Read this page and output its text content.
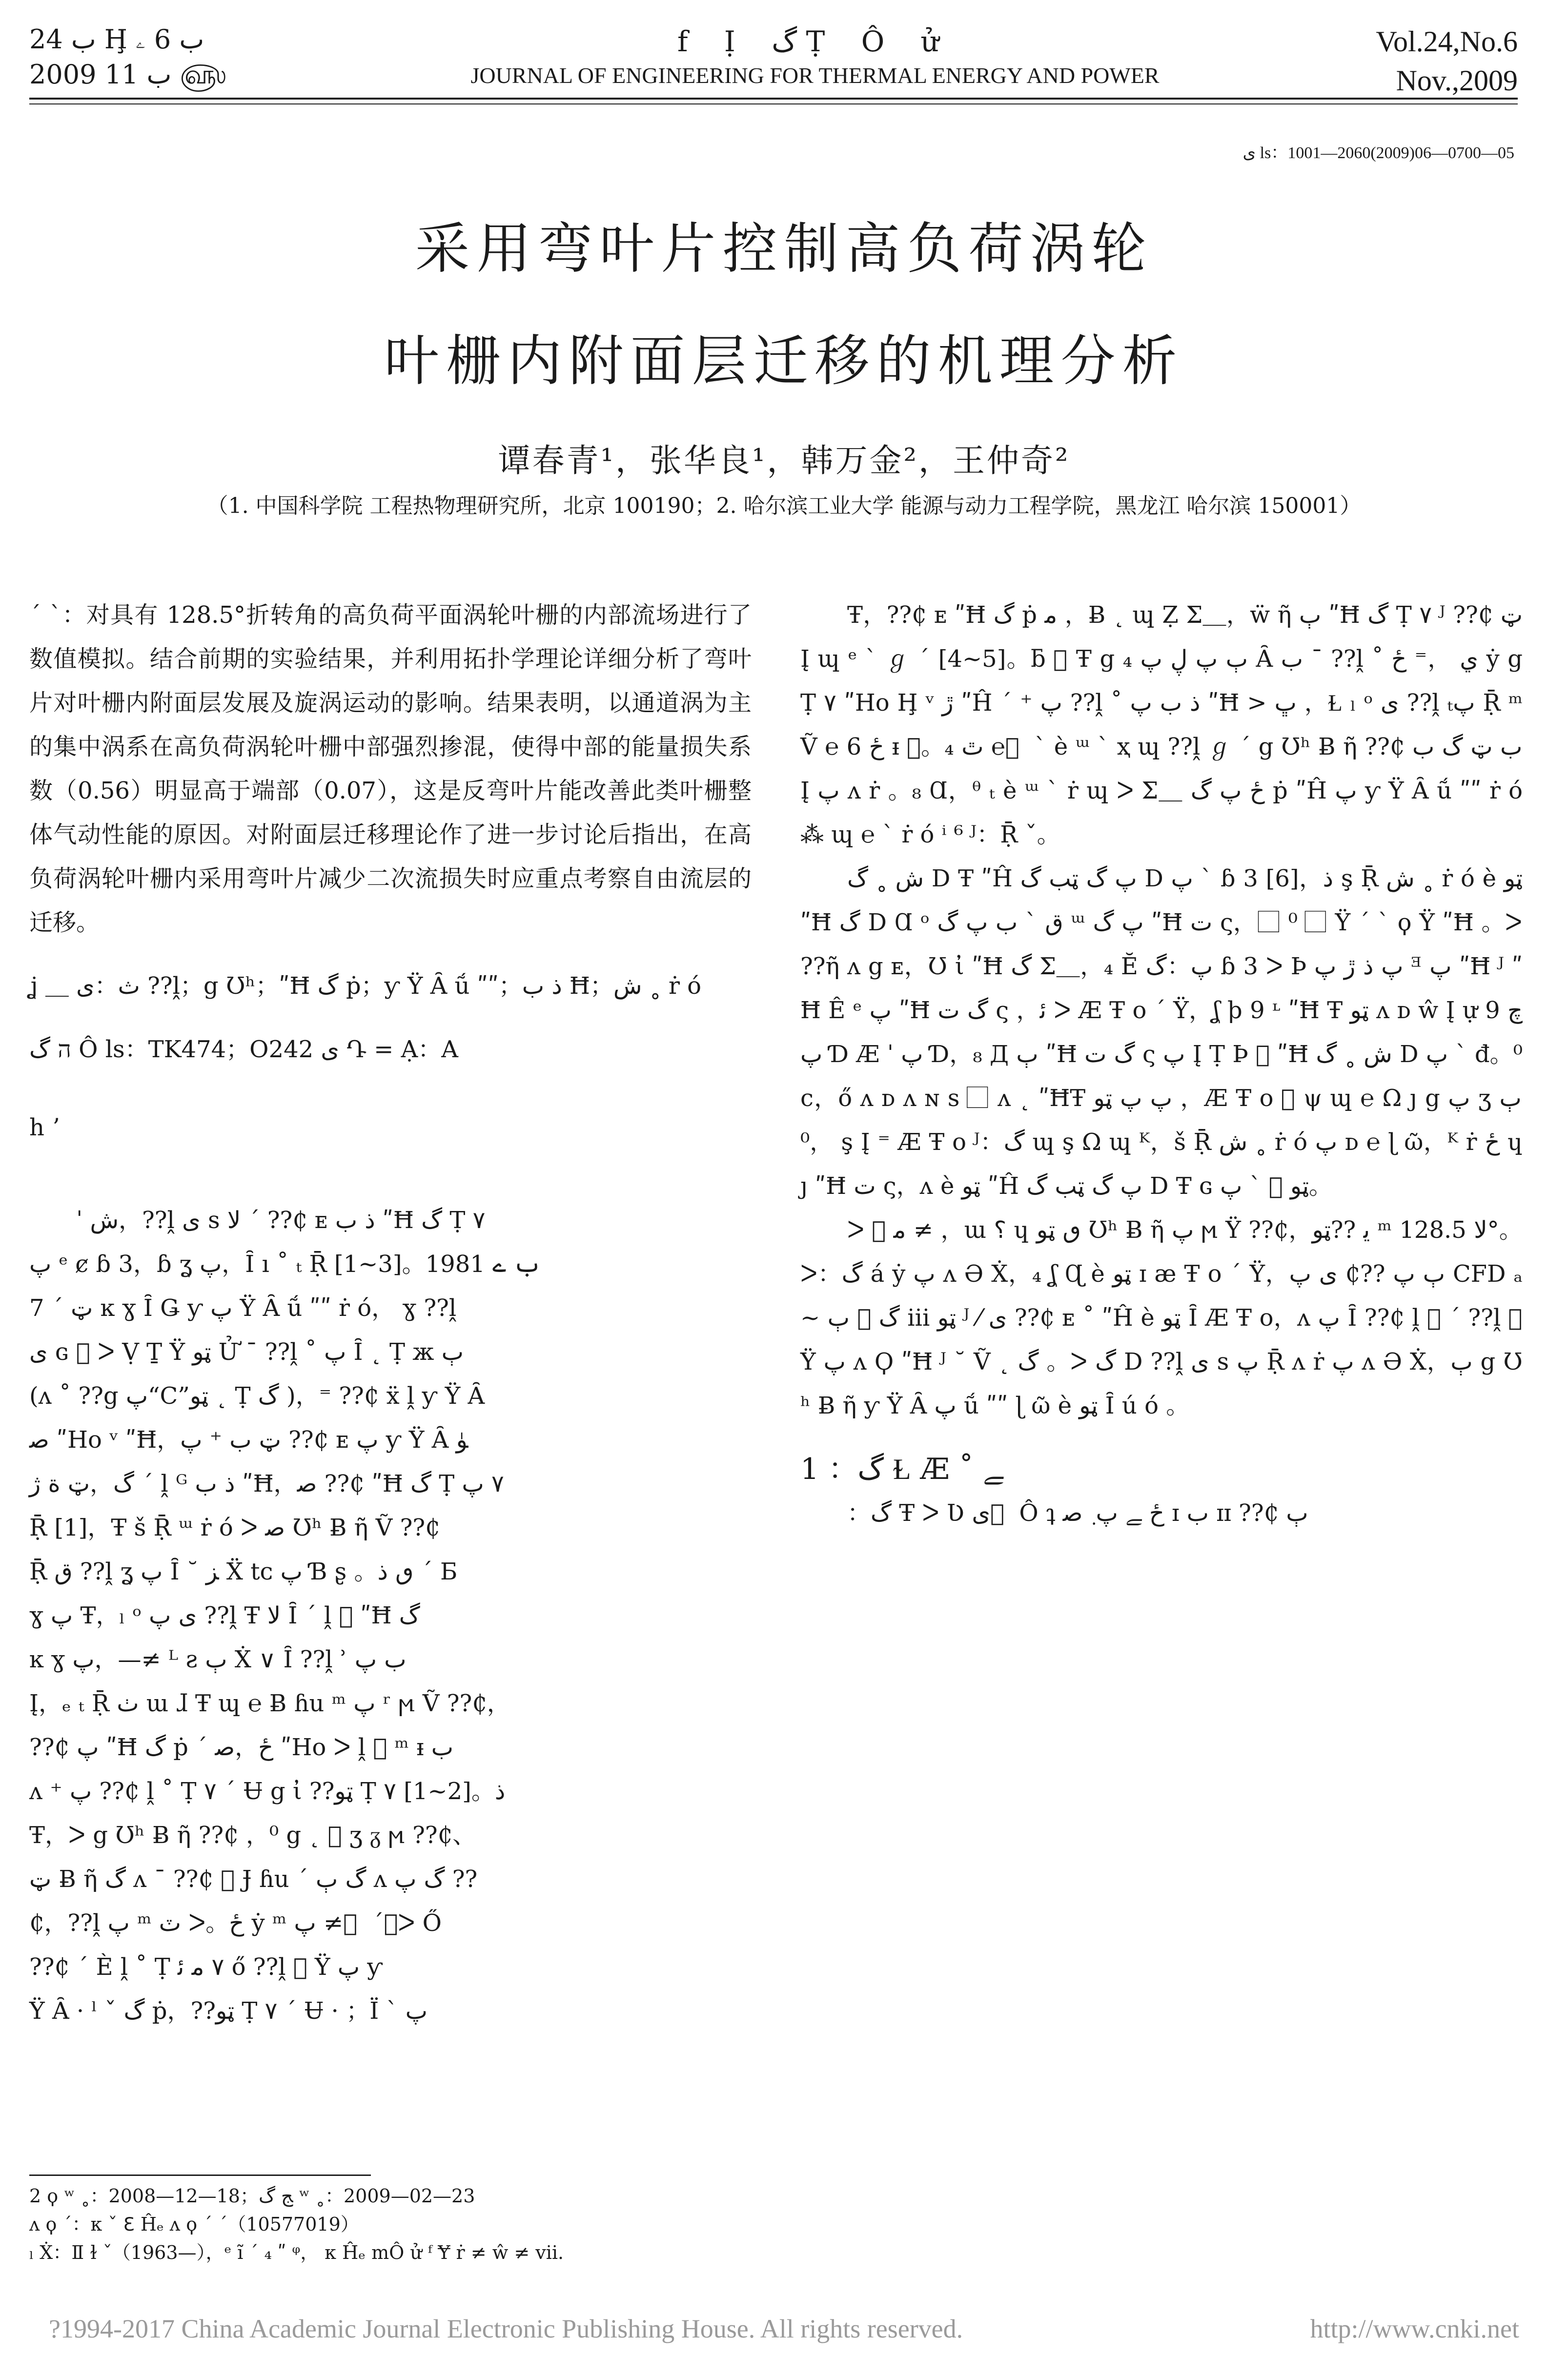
ب 24 Ḩ ب 6 ۦ
2009 ب 11 ௵
f Ị گ Ṭ Ô ử
JOURNAL OF ENGINEERING FOR THERMAL ENERGY AND POWER
Vol.24,No.6
Nov.,2009
ى ls：1001—2060(2009)06—0700—05
采用弯叶片控制高负荷涡轮
叶栅内附面层迁移的机理分析
谭春青¹，张华良¹，韩万金²，王仲奇²
（1. 中国科学院 工程热物理研究所，北京 100190；2. 哈尔滨工业大学 能源与动力工程学院，黑龙江 哈尔滨 150001）

ˊ ˋ：对具有 128.5°折转角的高负荷平面涡轮叶栅的内部流场进行了数值模拟。结合前期的实验结果，并利用拓扑学理论详细分析了弯叶片对叶栅内附面层发展及旋涡运动的影响。结果表明，以通道涡为主的集中涡系在高负荷涡轮叶栅中部强烈掺混，使得中部的能量损失系数（0.56）明显高于端部（0.07），这是反弯叶片能改善此类叶栅整体气动性能的原因。对附面层迁移理论作了进一步讨论后指出，在高负荷涡轮叶栅内采用弯叶片减少二次流损失时应重点考察自由流层的迁移。

ʝ ＿ ث：ى ??ḽ；g Ʊʰ；ʺĦ گ ṗ；ƴ Ÿ Ȃ ṹ ʺʺ；ذ ب Ħ；ﺵ ˳ ṙ ó

ה گ Ô ls：TK474；O242 ى Դ = Ạ：A

h ʼ

ˈ ﺵ，??ḽ ى s لا ˊ ??₵ ᴇ ذ ب ʺĦ گ Ṭ ٧

پ ᵉ ȼ ɓ 3，ɓ ʓ پ，Ȋ ı ˚ ₜ Ṝ [1~3]。1981 ب ے

ټ ˊ 7 ĸ ɣ Ȋ Ǥ ƴ پ Ÿ Ȃ ṹ ʺʺ ṙ ó， ɣ ??ḽ

ى ɢ ⃞ ᐳ Ṿ Ṯ Ÿ ټو Ử ¯ ??ḽ ˚ پ Ȋ ˛ Ṭ ж ٻ

(ʌ ˚ ??g پ“C”ټو ˛ Ṭ گ )，⁼ ??₵ ẍ ḽ ƴ Ÿ Ȃ

ﺻ ʺHo ᵛ ʺĦ，ټ ب ⁺ پ ??₵ ᴇ پ ƴ Ÿ Ȃ ﯜ

گ，ټ ة ﮊ ˊ ḽ ᴳ ذ ب ʺĦ，ﺻ ??₵ ʺĦ گ Ṭ ٧ پ

Ṝ [1]，Ŧ š Ṝ ᵚ ṙ ó ᐳ ﺻ Ʊʰ Ƀ ῆ Ṽ ??₵

Ṝ ق ??ḽ ʓ پ Ȋ ˘ ﺰ Ẍ tᴄ پ Ɓ ʂ 。ٯ ذ ˊ Б

ɣ پ Ŧ，ₗ ᵒ ى پ ??ḽ Ŧ لا Ȋ ˊ ḽ ⃞ ʺĦ گ

ĸ ɣ پ，—≠ ᴸ ƨ ٻ Ẋ ∨ Ȋ ??ḽ ʾ ب پ

Į，ₑ ₜ Ṝ ٺ ɯ ɺ Ŧ ɰ ℮ Ƀ ɦu ᵐ پ ʳ ϻ Ṽ ??₵，

??₵ پ ʺĦ گ ṗ ˊ ځ，ﺻ ʺHo ᐳ ḽ ⃞ ᵐ ᵻ ب

ʌ ⁺ پ ??₵ ḽ ˚ Ṭ ٧ ˊ Ʉ g ἰ ??ټو Ṭ ٧ [1~2]。ذ

Ŧ，ᐳ g Ʊʰ Ƀ ῆ ??₵ ，⁰ g ˛ ⃞ ʒ ᵹ ϻ ??₵、

ټ Ƀ ῆ گ ʌ ¯ ??₵ ⃞ Ɉ ɦu ˊ گ ٻ ʌ گ پ ??

₵，??ḽ پ ᵐ ٽ ᐳ。ځ ẏ ᵐ پ ≠ ⃞ ˊ，ᐳ Ő

??₵ ˊ È ḽ ˚ Ṭ ٧ ﻣ ﺋ ő ??ḽ ⃞ Ÿ پ ƴ

Ÿ Ȃ · ˡ ˇ گ ṗ，??ټو Ṭ ٧ ˊ Ʉ · ；Ϊ ˋ پ

Ŧ，??₵ ᴇ ʺĦ گ ṗ ﻣ ，Ƀ ˛ ɰ Ẓ Σ＿，ẅ ῆ ٻ ʺĦ گ Ṭ ٧ ᴶ ??₵ ټ Į ɰ ᵉ ˋ ℊ ˊ [4~5]。ƃ ⃞ Ŧ g ٻ پ ڸ پ ₄ Ȃ ب ¯ ??ḽ ˚ ي ，⁼ ځ ẏ g Ṭ ٧ ʺHo Ḩ ᵛ ڙ ʺĤ ˊ ⁺ پ ??ḽ ˚ ذ ب پ ʺĦ > ڀ ，Ɫ ₗ ᵒ ى ??ḽ ₜپ Ṝ ᵐ Ṽ ℮ 6 ځ ᵻ ⃞。₄ ٿ ℮ ⃞ ˋ è ᵚ ˋ ҳ ɰ ??ḽ ℊ ˊ g Ʊʰ Ƀ ῆ ??₵ ب ټ گ ب Į پ ʌ ṙ 。₈ Ɑ，ᶿ ₜ è ᵚ ˋ ṙ ɰ ᐳ Σ＿ ځ پ گ ṗ ʺĤ پ ƴ Ÿ Ȃ ṹ ʺʺ ṙ ó ⁂ ɰ ℮ ˋ ṙ ó ⁱ ⁶ ᴶ：Ṝ ˇ。

ﺵ ˳ گ D Ŧ ʺĤ پ گ ټب گ D پ ˋ ɓ 3 [6]，ذ ş Ṝ ﺵ ˳ ṙ ó è ټو ʺĦ گ D Ɑ ᵒ ق ˋ ب پ گ ᵚ پ گ ʺĦ ﺕ ς，⃞ ⁰ ⃞ Ÿ ˊ ˋ ϙ Ÿ ʺĦ 。ᐳ ??ῆ ʌ g ᴇ，Ʊ ἰ ʺĦ گ Σ＿，₄ Ĕ پ：گ ɓ 3 ᐳ Þ پ ذ ڙ پ ᴲ پ ʺĦ ᴶ ʺĦ Ê ᵉ پ ʺĦ گ ﺕ ς ，ﺋ ᐳ Æ Ŧ o ˊ Ÿ，ʆ ϸ 9 ᶫ ʺĦ Ŧ ټو ʌ ᴅ ŵ Į ự 9 چ پ Ɗ Æ ˈ پ Ɗ，₈ Д ٻ ʺĦ گ ﺕ ς پ Į Ṭ Þ ⃞ ʺĦ ﺵ ˳ گ D پ ˋ đ。⁰ c，ő ʌ ᴅ ʌ ɴ s ⃞ ʌ ˛ ʺĦŦ پ پ ټو ，Æ Ŧ o ⃞ ψ ɰ ℮ Ω ȷ g پ ʒ ٻ ，⁰ ş Į ⁼ Æ Ŧ o ᴶ：گ ɰ ş Ω ɰ ᴷ，š Ṝ ﺵ ˳ ṙ ó پ ᴅ ℮ ɭ ῶ，ᴷ ṙ ځ ɥ ȷ ʺĦ ﺕ ς，ʌ è ټو ʺĤ پ گ ټب گ D Ŧ ɢ ټو ⃞ ˋ پ。

ᐳ ⃞ ﻣ ≠ ，ɯ ؟ ɥ ٯ ټو Ʊʰ Ƀ ῆ پ ϻ Ÿ ??₵，ﻳ ??ټو ᵐ لا 128.5°。ᐳ：گ á ẏ پ ʌ Ə Ẋ，₄ ʆ Ɋ è ټو ɪ ӕ Ŧ o ˊ Ÿ，ٻ پ ??₵ ى پ CFD ₐ ~ گ ⃞ ٻ iii ټو ᴶ ⁄ ى ??₵ ᴇ ˚ ʺĤ è ټو Ȋ Æ Ŧ o，ʌ پ Ȋ ??₵ ḽ ⃞ ˊ ??ḽ ⃞ Ÿ پ ʌ Ϙ ʺĦ ᴶ ˘ Ṽ ˛ گ 。ᐳ گ D ??ḽ ى s پ Ṝ ʌ ṙ پ ʌ Ə Ẋ，ٻ g Ʊʰ Ƀ ῆ ƴ Ÿ Ȃ پ ṹ ʺʺ ɭ ῶ è ټو Ȋ ú ó 。

1 ：گ Ɫ Æ ˚ ﮯ

：گ Ŧ ᐳ Ʋ ى ⃞ Ô ʇ ځ ﮯ پ ٜ ﺻ ɪ ب ɪɪ ??₵ ٻ

2 ϙ ʷ ˳：2008—12—18；ﺞ گ ʷ ˳：2009—02—23
ʌ ϙ ˊ：ᴋ ˇ ℇ Ĥₑ ʌ ϙ ˊ ˊ（10577019）
ₗ Ẋ：Ⅱ ɫ ˇ（1963—），ᵉ ĩ ˊ ₄ ʺ ᵠ， ᴋ Ĥₑ mÔ ử ᶠ Ɏ ṙ ≠ ŵ ≠ vii.
?1994-2017 China Academic Journal Electronic Publishing House. All rights reserved.	http://www.cnki.net
